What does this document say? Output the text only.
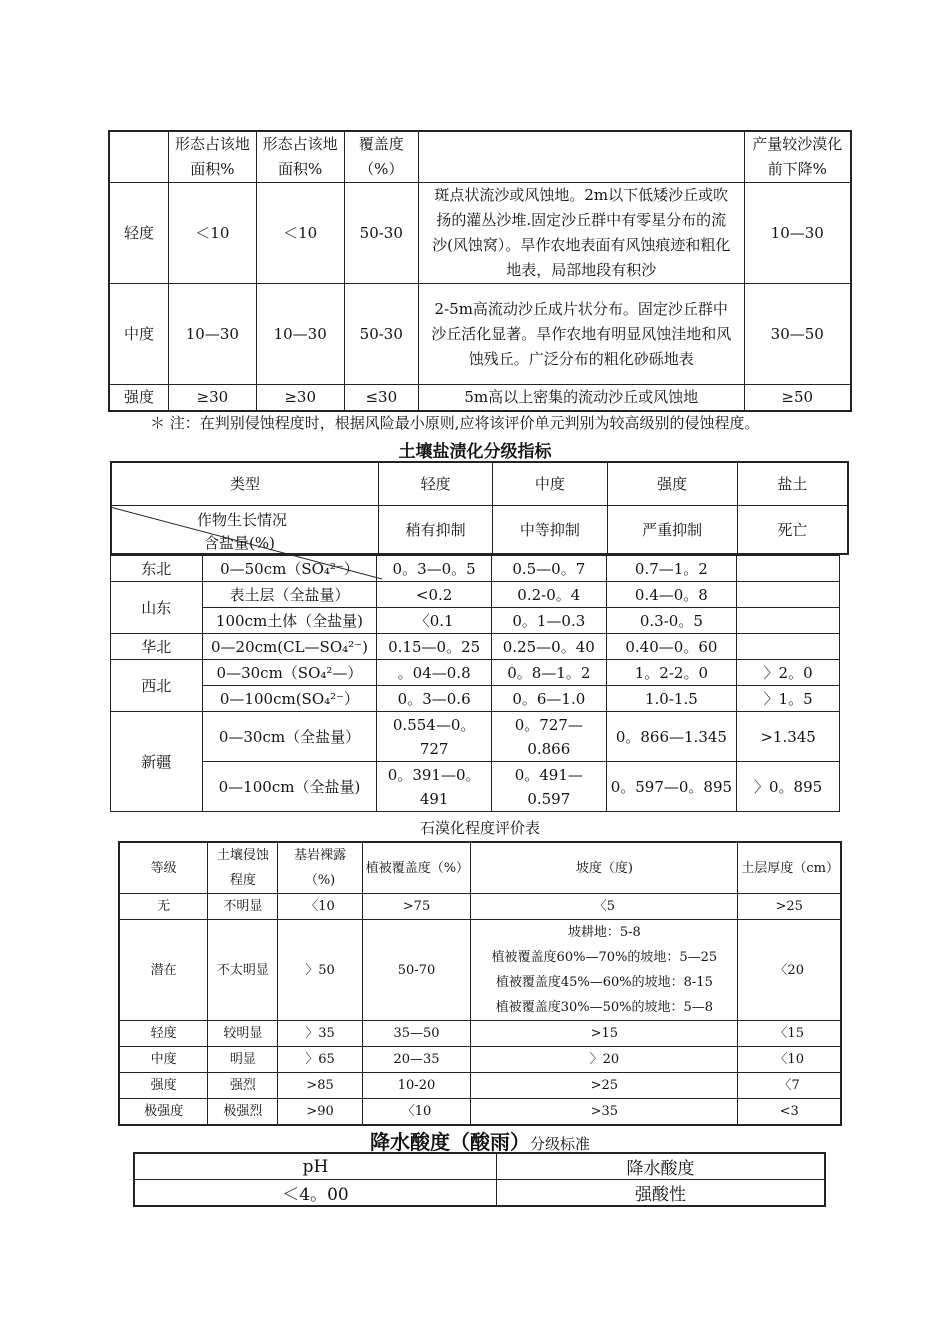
	形态占该地面积%	形态占该地面积%	覆盖度（%）		产量较沙漠化前下降%
轻度	＜10	＜10	50-30	斑点状流沙或风蚀地。2m以下低矮沙丘或吹扬的灌丛沙堆.固定沙丘群中有零星分布的流沙(风蚀窝）。旱作农地表面有风蚀痕迹和粗化地表，局部地段有积沙	10—30
中度	10—30	10—30	50-30	2-5m高流动沙丘成片状分布。固定沙丘群中沙丘活化显著。旱作农地有明显风蚀洼地和风蚀残丘。广泛分布的粗化砂砾地表	30—50
强度	≥30	≥30	≤30	5m高以上密集的流动沙丘或风蚀地	≥50
＊ 注：在判别侵蚀程度时，根据风险最小原则,应将该评价单元判别为较高级别的侵蚀程度。
土壤盐渍化分级指标
类型	轻度	中度	强度	盐土

作物生长情况
含盐量(%)	稍有抑制	中等抑制	严重抑制	死亡
东北	0—50cm（SO₄²⁻）	0。3—0。5	0.5—0。7	0.7—1。2	
山东	表土层（全盐量）	<0.2	0.2-0。4	0.4—0。8	
	100cm土体（全盐量)	〈0.1	0。1—0.3	0.3-0。5	
华北	0—20cm(CL—SO₄²⁻)	0.15—0。25	0.25—0。40	0.40—0。60	
西北	0—30cm（SO₄²—）	。04—0.8	0。8—1。2	1。2-2。0	〉2。0
	0—100cm(SO₄²⁻）	0。3—0.6	0。6—1.0	1.0-1.5	〉1。5
新疆	0—30cm（全盐量）	0.554—0。727	0。727—0.866	0。866—1.345	>1.345
	0—100cm（全盐量)	0。391—0。491	0。491—0.597	0。597—0。895	〉0。895
石漠化程度评价表
等级	土壤侵蚀程度	基岩裸露（%)	植被覆盖度（%）	坡度（度)	土层厚度（cm）
无	不明显	〈10	>75	〈5	>25
潜在	不太明显	〉50	50-70	坡耕地：5-8
植被覆盖度60%—70%的坡地：5—25
植被覆盖度45%—60%的坡地：8-15
植被覆盖度30%—50%的坡地：5—8	〈20
轻度	较明显	〉35	35—50	>15	〈15
中度	明显	〉65	20—35	〉20	〈10
强度	强烈	>85	10-20	>25	〈7
极强度	极强烈	>90	〈10	>35	<3
降水酸度（酸雨）分级标准
pH	降水酸度
＜4。00	强酸性
